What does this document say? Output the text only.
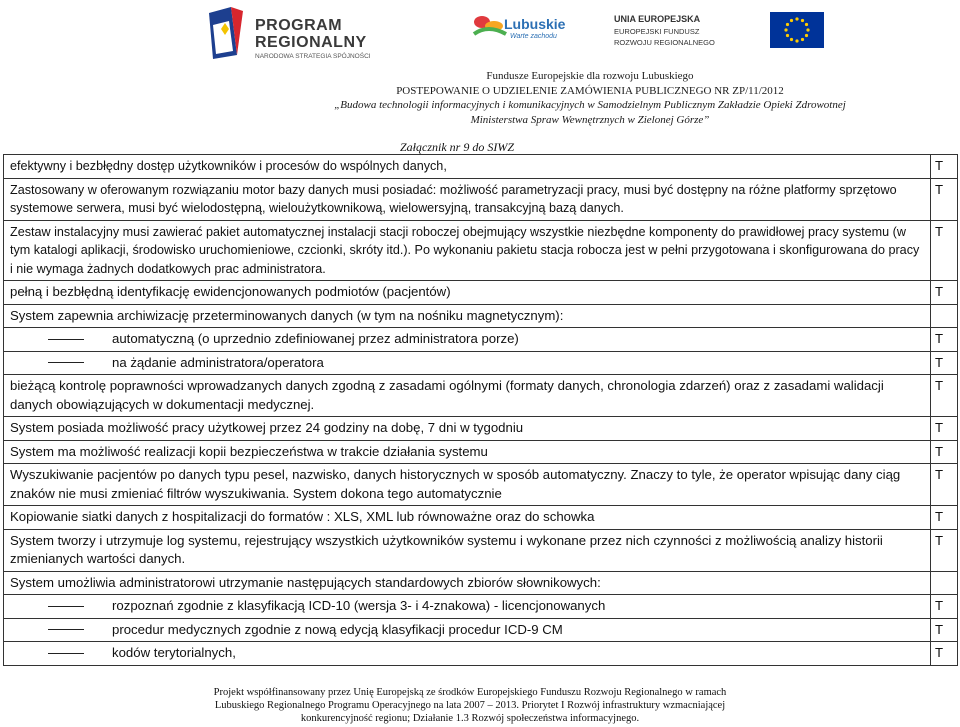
PROGRAM
REGIONALNY
NARODOWA STRATEGIA SPÓJNOŚCI
Lubuskie
Warte zachodu
UNIA EUROPEJSKA
EUROPEJSKI FUNDUSZ
ROZWOJU REGIONALNEGO
Fundusze Europejskie dla rozwoju Lubuskiego
POSTEPOWANIE O UDZIELENIE ZAMÓWIENIA PUBLICZNEGO NR ZP/11/2012
„Budowa technologii informacyjnych i komunikacyjnych w Samodzielnym Publicznym Zakładzie Opieki Zdrowotnej
Ministerstwa Spraw Wewnętrznych w Zielonej Górze”
Załącznik nr 9 do SIWZ
efektywny i bezbłędny dostęp użytkowników i procesów do wspólnych danych,	T
Zastosowany w oferowanym rozwiązaniu motor bazy danych musi posiadać: możliwość parametryzacji pracy, musi być dostępny na różne platformy sprzętowo systemowe serwera, musi być wielodostępną, wieloużytkownikową, wielowersyjną, transakcyjną bazą danych.	T
Zestaw instalacyjny musi zawierać pakiet automatycznej instalacji stacji roboczej obejmujący wszystkie niezbędne komponenty do prawidłowej pracy systemu (w tym katalogi aplikacji, środowisko uruchomieniowe, czcionki, skróty itd.). Po wykonaniu pakietu stacja robocza jest w pełni przygotowana i skonfigurowana do pracy i nie wymaga żadnych dodatkowych prac administratora.	T
pełną i bezbłędną identyfikację ewidencjonowanych podmiotów (pacjentów)	T
System zapewnia archiwizację przeterminowanych danych (w tym na nośniku magnetycznym):	

automatyczną (o uprzednio zdefiniowanej przez administratora porze)	T

na żądanie administratora/operatora	T
bieżącą kontrolę poprawności wprowadzanych danych zgodną z zasadami ogólnymi (formaty danych, chronologia zdarzeń) oraz z zasadami walidacji danych obowiązujących w dokumentacji medycznej.	T
System posiada możliwość pracy użytkowej przez 24 godziny na dobę, 7 dni w tygodniu	T
System ma możliwość realizacji kopii bezpieczeństwa w trakcie działania systemu	T
Wyszukiwanie pacjentów po danych typu pesel, nazwisko, danych historycznych w sposób automatyczny. Znaczy to tyle, że operator wpisując dany ciąg znaków nie musi zmieniać filtrów wyszukiwania. System dokona tego automatycznie	T
Kopiowanie siatki danych z hospitalizacji do formatów : XLS, XML lub równoważne oraz do schowka	T
System tworzy i utrzymuje log systemu, rejestrujący wszystkich użytkowników systemu i wykonane przez nich czynności z możliwością analizy historii zmienianych wartości danych.	T
System umożliwia administratorowi utrzymanie następujących standardowych zbiorów słownikowych:	

rozpoznań zgodnie z klasyfikacją ICD-10 (wersja 3- i 4-znakowa) - licencjonowanych	T

procedur medycznych zgodnie z nową edycją klasyfikacji procedur ICD-9 CM	T

kodów terytorialnych,	T
Projekt współfinansowany przez Unię Europejską ze środków Europejskiego Funduszu Rozwoju Regionalnego w ramach
Lubuskiego Regionalnego Programu Operacyjnego na lata 2007 – 2013. Priorytet I Rozwój infrastruktury wzmacniającej
konkurencyjność regionu; Działanie 1.3 Rozwój społeczeństwa informacyjnego.
